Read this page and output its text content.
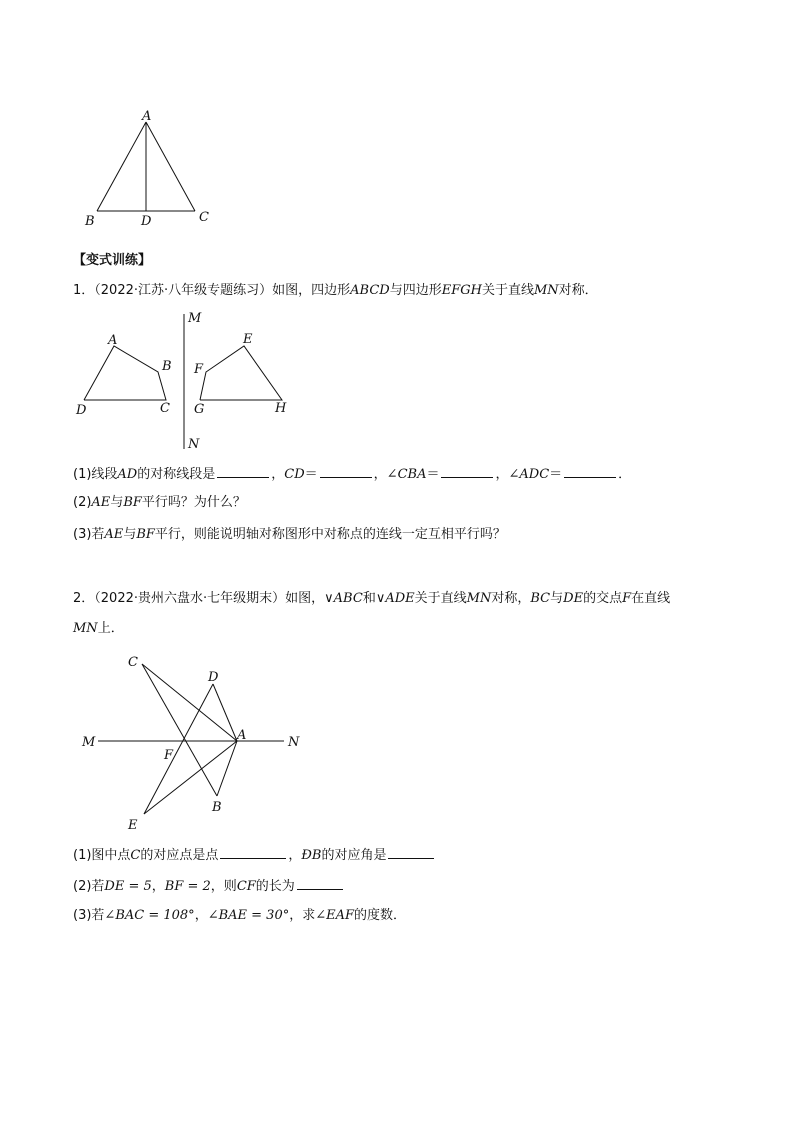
A
B	D	C
【变式训练】
1．（2022·江苏·八年级专题练习）如图，四边形ABCD与四边形EFGH关于直线MN对称．
M
N
A
B
D	C
E
F
G	H
(1)线段AD的对称线段是	，CD＝	，∠CBA＝	，∠ADC＝	．
(2)AE与BF平行吗？为什么？
(3)若AE与BF平行，则能说明轴对称图形中对称点的连线一定互相平行吗？
2．（2022·贵州六盘水·七年级期末）如图，∨ABC和∨ADE关于直线MN对称，BC与DE的交点F在直线
MN上．
C
D
M
F
A	N
B
E
(1)图中点C的对应点是点	，ÐB的对应角是
(2)若DE = 5，BF = 2，则CF的长为
(3)若∠BAC = 108°，∠BAE = 30°，求∠EAF的度数．
